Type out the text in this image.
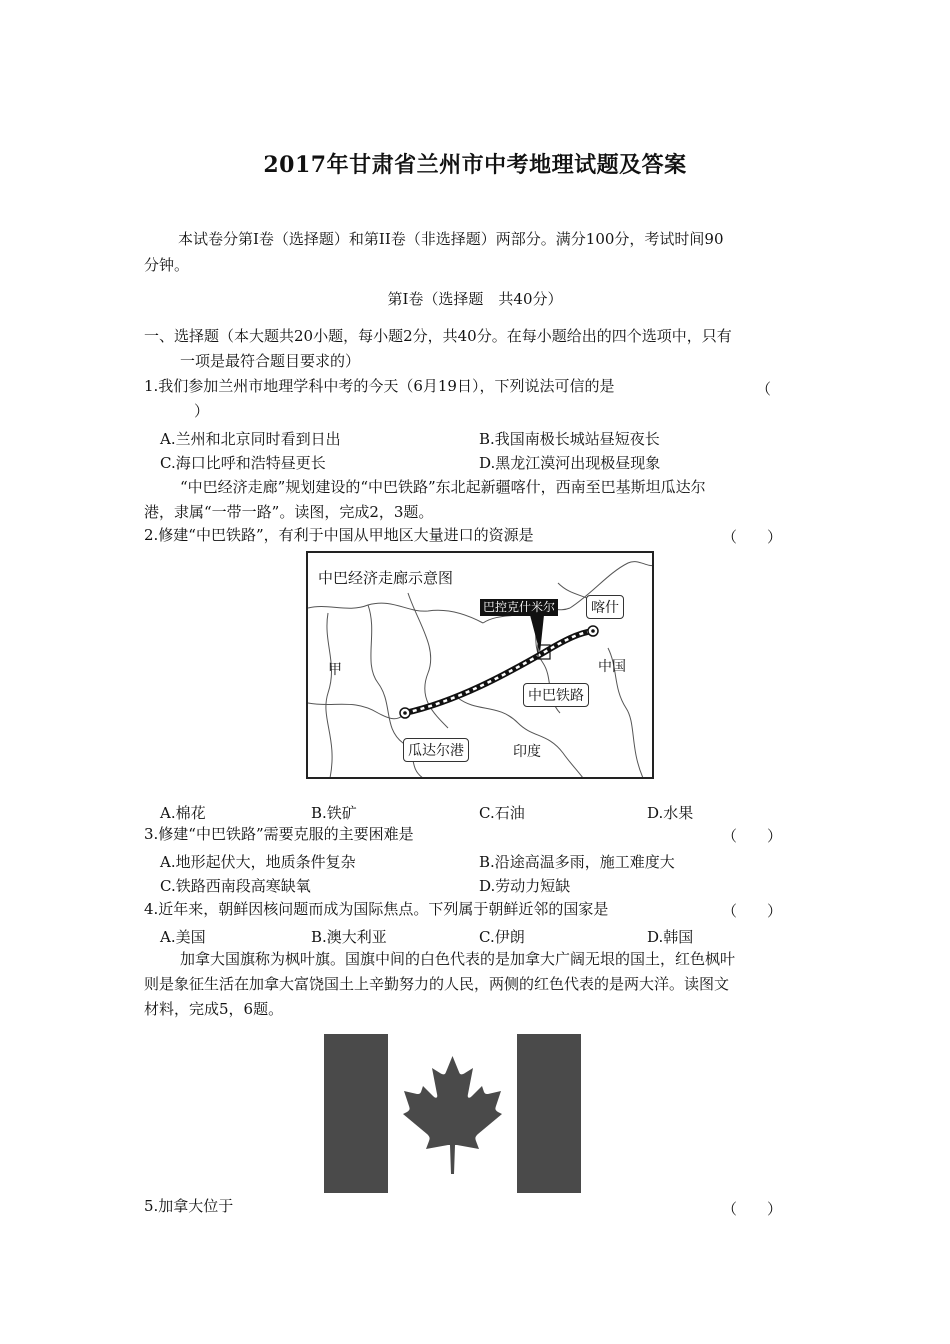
2017年甘肃省兰州市中考地理试题及答案
本试卷分第I卷（选择题）和第II卷（非选择题）两部分。满分100分，考试时间90
分钟。
第I卷（选择题　共40分）
一、选择题（本大题共20小题，每小题2分，共40分。在每小题给出的四个选项中，只有
一项是最符合题目要求的）
1.我们参加兰州市地理学科中考的今天（6月19日），下列说法可信的是	（
）
A.兰州和北京同时看到日出	B.我国南极长城站昼短夜长
C.海口比呼和浩特昼更长	D.黑龙江漠河出现极昼现象
“中巴经济走廊”规划建设的“中巴铁路”东北起新疆喀什，西南至巴基斯坦瓜达尔
港，隶属“一带一路”。读图，完成2，3题。
2.修建“中巴铁路”，有利于中国从甲地区大量进口的资源是	（　　）
中巴经济走廊示意图
巴控克什米尔	喀什
中国
甲
中巴铁路
瓜达尔港	印度
A.棉花	B.铁矿	C.石油	D.水果
3.修建“中巴铁路”需要克服的主要困难是	（　　）
A.地形起伏大，地质条件复杂	B.沿途高温多雨，施工难度大
C.铁路西南段高寒缺氧	D.劳动力短缺
4.近年来，朝鲜因核问题而成为国际焦点。下列属于朝鲜近邻的国家是	（　　）
A.美国	B.澳大利亚	C.伊朗	D.韩国
加拿大国旗称为枫叶旗。国旗中间的白色代表的是加拿大广阔无垠的国土，红色枫叶
则是象征生活在加拿大富饶国土上辛勤努力的人民，两侧的红色代表的是两大洋。读图文
材料，完成5，6题。
5.加拿大位于	（　　）
